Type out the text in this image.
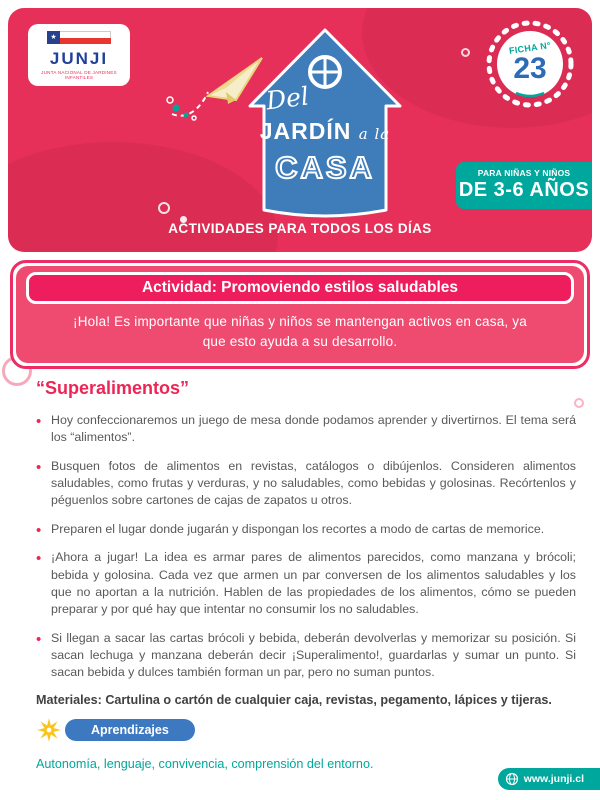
★
JUNJI
JUNTA NACIONAL DE JARDINES INFANTILES
FICHA N°
23
Del
JARDÍN a la
CASA	PARA NIÑAS Y NIÑOS
DE 3-6 AÑOS
ACTIVIDADES PARA TODOS LOS DÍAS
Actividad: Promoviendo estilos saludables
¡Hola! Es importante que niñas y niños se mantengan activos en casa, ya que esto ayuda a su desarrollo.
“Superalimentos”
• Hoy confeccionaremos un juego de mesa donde podamos aprender y divertirnos. El tema será los “alimentos”.
• Busquen fotos de alimentos en revistas, catálogos o dibújenlos. Consideren alimentos saludables, como frutas y verduras, y no saludables, como bebidas y golosinas. Recórtenlos y péguenlos sobre cartones de cajas de zapatos u otros.
• Preparen el lugar donde jugarán y dispongan los recortes a modo de cartas de memorice.
• ¡Ahora a jugar! La idea es armar pares de alimentos parecidos, como manzana y brócoli; bebida y golosina. Cada vez que armen un par conversen de los alimentos saludables y los que no aportan a la nutrición. Hablen de las propiedades de los alimentos, cómo se pueden preparar y por qué hay que intentar no consumir los no saludables.
• Si llegan a sacar las cartas brócoli y bebida, deberán devolverlas y memorizar su posición. Si sacan lechuga y manzana deberán decir ¡Superalimento!, guardarlas y sumar un punto. Si sacan bebida y dulces también forman un par, pero no suman puntos.

Materiales: Cartulina o cartón de cualquier caja, revistas, pegamento, lápices y tijeras.

Aprendizajes

Autonomía, lenguaje, convivencia, comprensión del entorno.

www.junji.cl
